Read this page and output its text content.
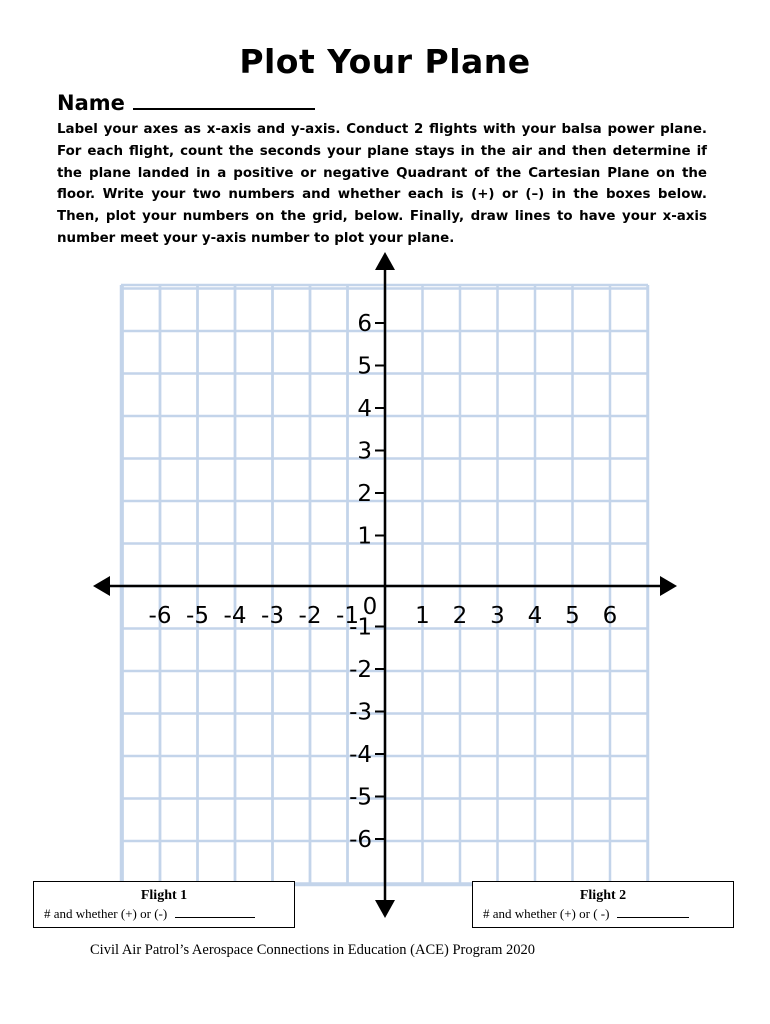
Plot Your Plane
Name
Label your axes as x-axis and y-axis. Conduct 2 flights with your balsa power plane. For each flight, count the seconds your plane stays in the air and then determine if the plane landed in a positive or negative Quadrant of the Cartesian Plane on the floor. Write your two numbers and whether each is (+) or (–) in the boxes below. Then, plot your numbers on the grid, below. Finally, draw lines to have your x-axis number meet your y-axis number to plot your plane.
-6 -5 -4 -3 -2 -1 1 2 3 4 5 6
0
6
5
4
3
2
1
-1
-2
-3
-4
-5
-6
Flight 1
# and whether (+) or (-)
Flight 2
# and whether (+) or ( -)
Civil Air Patrol’s Aerospace Connections in Education (ACE) Program 2020
